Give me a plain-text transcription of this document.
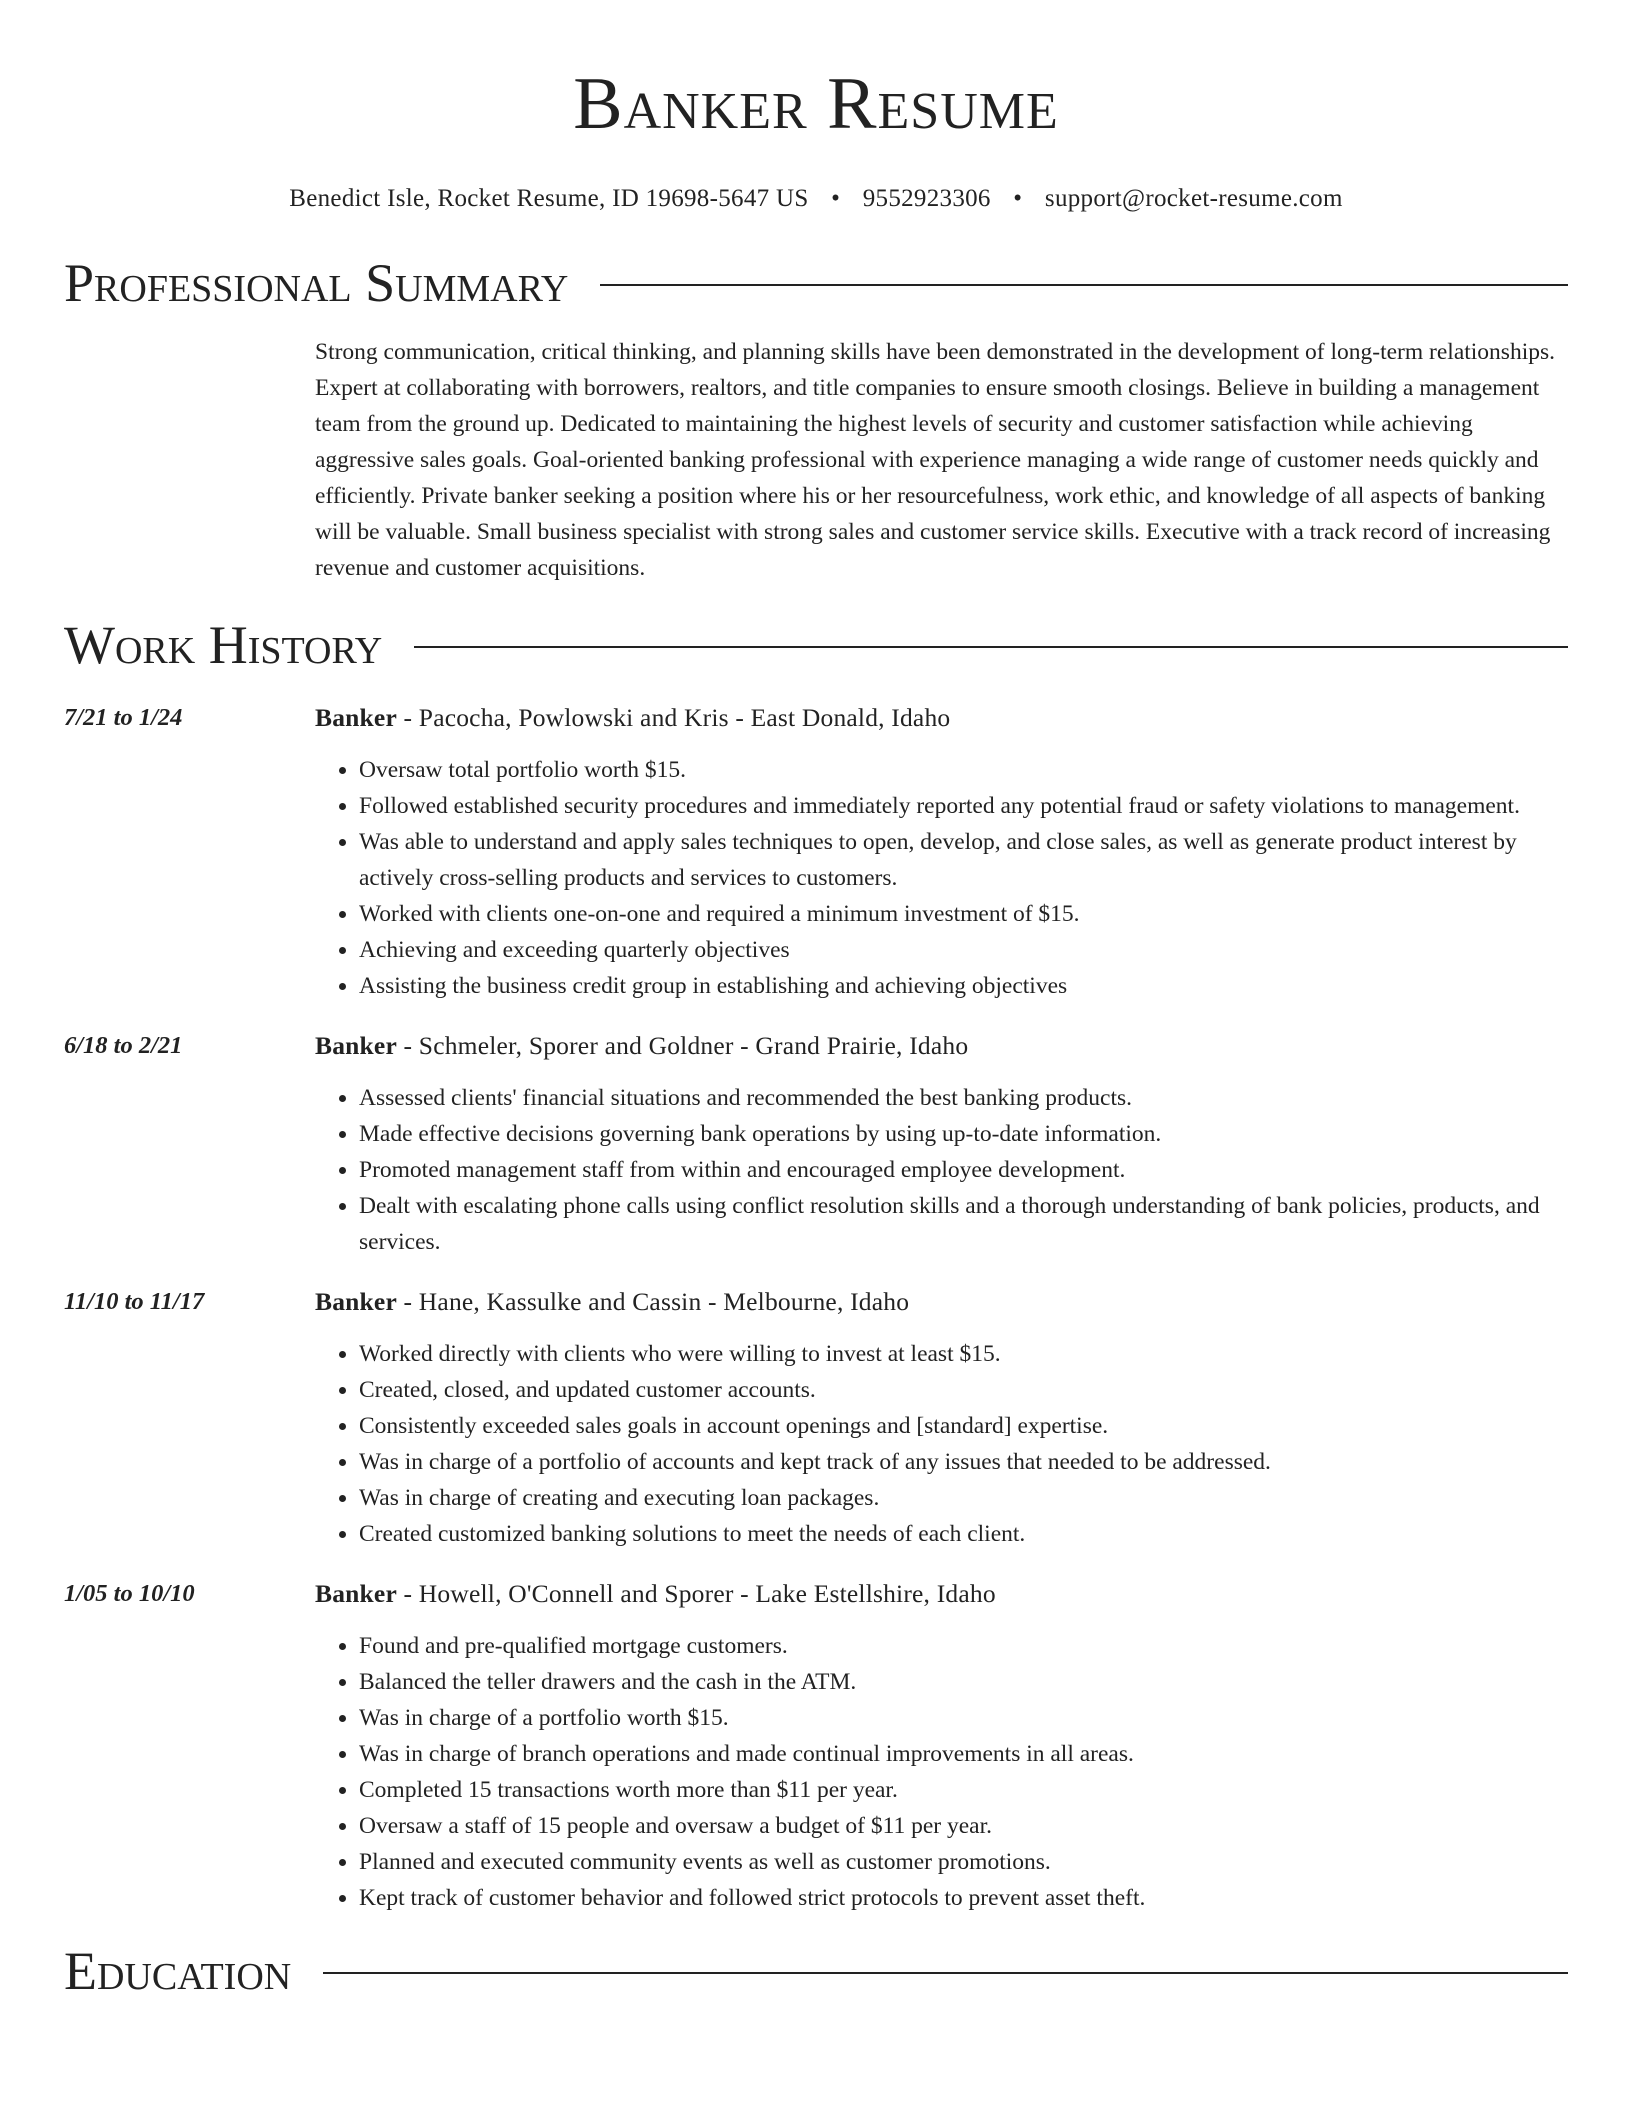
Banker Resume
Benedict Isle, Rocket Resume, ID 19698-5647 US • 9552923306 • support@rocket-resume.com
Professional Summary
Strong communication, critical thinking, and planning skills have been demonstrated in the development of long-term relationships. Expert at collaborating with borrowers, realtors, and title companies to ensure smooth closings. Believe in building a management team from the ground up. Dedicated to maintaining the highest levels of security and customer satisfaction while achieving aggressive sales goals. Goal-oriented banking professional with experience managing a wide range of customer needs quickly and efficiently. Private banker seeking a position where his or her resourcefulness, work ethic, and knowledge of all aspects of banking will be valuable. Small business specialist with strong sales and customer service skills. Executive with a track record of increasing revenue and customer acquisitions.
Work History
7/21 to 1/24	Banker - Pacocha, Powlowski and Kris - East Donald, Idaho
• Oversaw total portfolio worth $15.
• Followed established security procedures and immediately reported any potential fraud or safety violations to management.
• Was able to understand and apply sales techniques to open, develop, and close sales, as well as generate product interest by actively cross-selling products and services to customers.
• Worked with clients one-on-one and required a minimum investment of $15.
• Achieving and exceeding quarterly objectives
• Assisting the business credit group in establishing and achieving objectives
6/18 to 2/21	Banker - Schmeler, Sporer and Goldner - Grand Prairie, Idaho
• Assessed clients' financial situations and recommended the best banking products.
• Made effective decisions governing bank operations by using up-to-date information.
• Promoted management staff from within and encouraged employee development.
• Dealt with escalating phone calls using conflict resolution skills and a thorough understanding of bank policies, products, and services.
11/10 to 11/17	Banker - Hane, Kassulke and Cassin - Melbourne, Idaho
• Worked directly with clients who were willing to invest at least $15.
• Created, closed, and updated customer accounts.
• Consistently exceeded sales goals in account openings and [standard] expertise.
• Was in charge of a portfolio of accounts and kept track of any issues that needed to be addressed.
• Was in charge of creating and executing loan packages.
• Created customized banking solutions to meet the needs of each client.
1/05 to 10/10	Banker - Howell, O'Connell and Sporer - Lake Estellshire, Idaho
• Found and pre-qualified mortgage customers.
• Balanced the teller drawers and the cash in the ATM.
• Was in charge of a portfolio worth $15.
• Was in charge of branch operations and made continual improvements in all areas.
• Completed 15 transactions worth more than $11 per year.
• Oversaw a staff of 15 people and oversaw a budget of $11 per year.
• Planned and executed community events as well as customer promotions.
• Kept track of customer behavior and followed strict protocols to prevent asset theft.
Education
